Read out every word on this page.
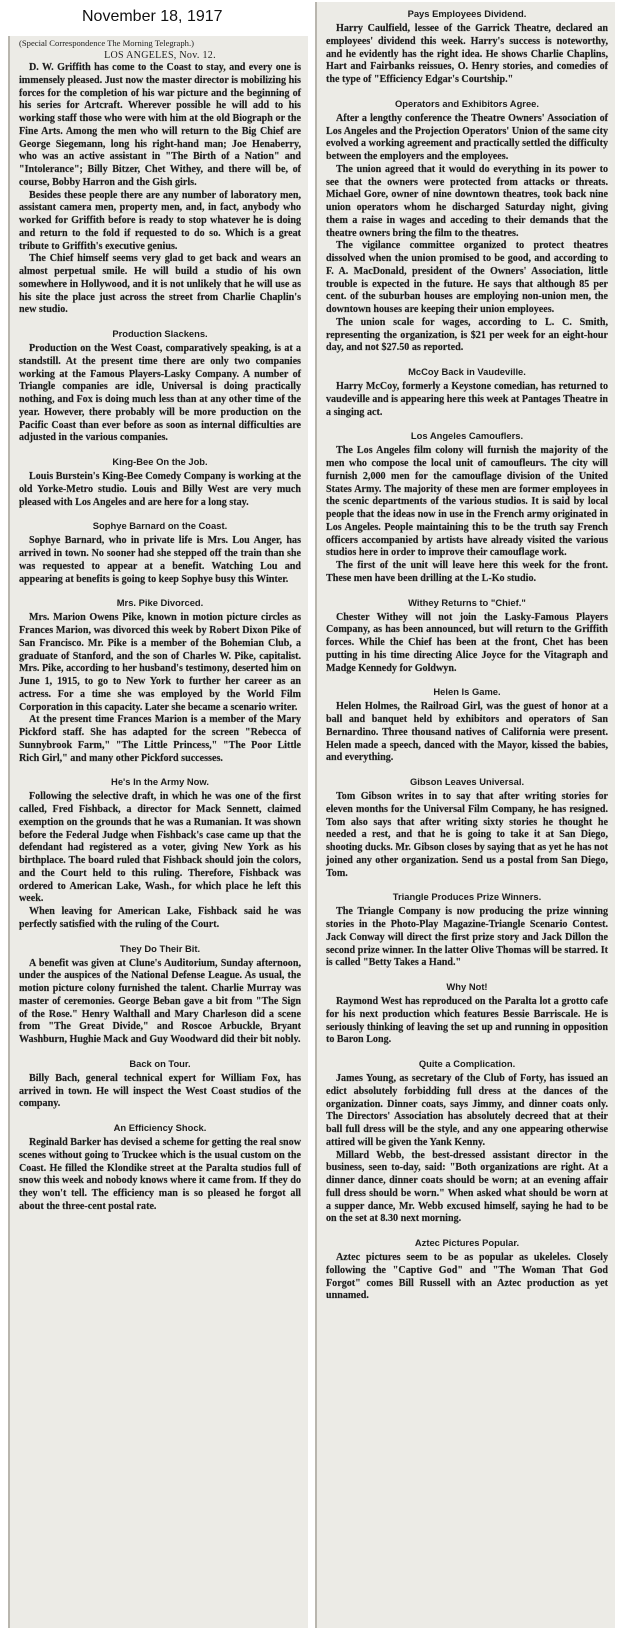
November 18, 1917

(Special Correspondence The Morning Telegraph.)

LOS ANGELES, Nov. 12.

D. W. Griffith has come to the Coast to stay, and every one is immensely pleased. Just now the master director is mobilizing his forces for the completion of his war picture and the beginning of his series for Artcraft. Wherever possible he will add to his working staff those who were with him at the old Biograph or the Fine Arts. Among the men who will return to the Big Chief are George Siegemann, long his right-hand man; Joe Henaberry, who was an active assistant in "The Birth of a Nation" and "Intolerance"; Billy Bitzer, Chet Withey, and there will be, of course, Bobby Harron and the Gish girls.

Besides these people there are any number of laboratory men, assistant camera men, property men, and, in fact, anybody who worked for Griffith before is ready to stop whatever he is doing and return to the fold if requested to do so. Which is a great tribute to Griffith's executive genius.

The Chief himself seems very glad to get back and wears an almost perpetual smile. He will build a studio of his own somewhere in Hollywood, and it is not unlikely that he will use as his site the place just across the street from Charlie Chaplin's new studio.

Production Slackens.

Production on the West Coast, comparatively speaking, is at a standstill. At the present time there are only two companies working at the Famous Players-Lasky Company. A number of Triangle companies are idle, Universal is doing practically nothing, and Fox is doing much less than at any other time of the year. However, there probably will be more production on the Pacific Coast than ever before as soon as internal difficulties are adjusted in the various companies.

King-Bee On the Job.

Louis Burstein's King-Bee Comedy Company is working at the old Yorke-Metro studio. Louis and Billy West are very much pleased with Los Angeles and are here for a long stay.

Sophye Barnard on the Coast.

Sophye Barnard, who in private life is Mrs. Lou Anger, has arrived in town. No sooner had she stepped off the train than she was requested to appear at a benefit. Watching Lou and appearing at benefits is going to keep Sophye busy this Winter.

Mrs. Pike Divorced.

Mrs. Marion Owens Pike, known in motion picture circles as Frances Marion, was divorced this week by Robert Dixon Pike of San Francisco. Mr. Pike is a member of the Bohemian Club, a graduate of Stanford, and the son of Charles W. Pike, capitalist. Mrs. Pike, according to her husband's testimony, deserted him on June 1, 1915, to go to New York to further her career as an actress. For a time she was employed by the World Film Corporation in this capacity. Later she became a scenario writer.

At the present time Frances Marion is a member of the Mary Pickford staff. She has adapted for the screen "Rebecca of Sunnybrook Farm," "The Little Princess," "The Poor Little Rich Girl," and many other Pickford successes.

He's In the Army Now.

Following the selective draft, in which he was one of the first called, Fred Fishback, a director for Mack Sennett, claimed exemption on the grounds that he was a Rumanian. It was shown before the Federal Judge when Fishback's case came up that the defendant had registered as a voter, giving New York as his birthplace. The board ruled that Fishback should join the colors, and the Court held to this ruling. Therefore, Fishback was ordered to American Lake, Wash., for which place he left this week.

When leaving for American Lake, Fishback said he was perfectly satisfied with the ruling of the Court.

They Do Their Bit.

A benefit was given at Clune's Auditorium, Sunday afternoon, under the auspices of the National Defense League. As usual, the motion picture colony furnished the talent. Charlie Murray was master of ceremonies. George Beban gave a bit from "The Sign of the Rose." Henry Walthall and Mary Charleson did a scene from "The Great Divide," and Roscoe Arbuckle, Bryant Washburn, Hughie Mack and Guy Woodward did their bit nobly.

Back on Tour.

Billy Bach, general technical expert for William Fox, has arrived in town. He will inspect the West Coast studios of the company.

An Efficiency Shock.

Reginald Barker has devised a scheme for getting the real snow scenes without going to Truckee which is the usual custom on the Coast. He filled the Klondike street at the Paralta studios full of snow this week and nobody knows where it came from. If they do they won't tell. The efficiency man is so pleased he forgot all about the three-cent postal rate.

Pays Employees Dividend.

Harry Caulfield, lessee of the Garrick Theatre, declared an employees' dividend this week. Harry's success is noteworthy, and he evidently has the right idea. He shows Charlie Chaplins, Hart and Fairbanks reissues, O. Henry stories, and comedies of the type of "Efficiency Edgar's Courtship."

Operators and Exhibitors Agree.

After a lengthy conference the Theatre Owners' Association of Los Angeles and the Projection Operators' Union of the same city evolved a working agreement and practically settled the difficulty between the employers and the employees.

The union agreed that it would do everything in its power to see that the owners were protected from attacks or threats. Michael Gore, owner of nine downtown theatres, took back nine union operators whom he discharged Saturday night, giving them a raise in wages and acceding to their demands that the theatre owners bring the film to the theatres.

The vigilance committee organized to protect theatres dissolved when the union promised to be good, and according to F. A. MacDonald, president of the Owners' Association, little trouble is expected in the future. He says that although 85 per cent. of the suburban houses are employing non-union men, the downtown houses are keeping their union employees.

The union scale for wages, according to L. C. Smith, representing the organization, is $21 per week for an eight-hour day, and not $27.50 as reported.

McCoy Back in Vaudeville.

Harry McCoy, formerly a Keystone comedian, has returned to vaudeville and is appearing here this week at Pantages Theatre in a singing act.

Los Angeles Camouflers.

The Los Angeles film colony will furnish the majority of the men who compose the local unit of camoufleurs. The city will furnish 2,000 men for the camouflage division of the United States Army. The majority of these men are former employees in the scenic departments of the various studios. It is said by local people that the ideas now in use in the French army originated in Los Angeles. People maintaining this to be the truth say French officers accompanied by artists have already visited the various studios here in order to improve their camouflage work.

The first of the unit will leave here this week for the front. These men have been drilling at the L-Ko studio.

Withey Returns to "Chief."

Chester Withey will not join the Lasky-Famous Players Company, as has been announced, but will return to the Griffith forces. While the Chief has been at the front, Chet has been putting in his time directing Alice Joyce for the Vitagraph and Madge Kennedy for Goldwyn.

Helen Is Game.

Helen Holmes, the Railroad Girl, was the guest of honor at a ball and banquet held by exhibitors and operators of San Bernardino. Three thousand natives of California were present. Helen made a speech, danced with the Mayor, kissed the babies, and everything.

Gibson Leaves Universal.

Tom Gibson writes in to say that after writing stories for eleven months for the Universal Film Company, he has resigned. Tom also says that after writing sixty stories he thought he needed a rest, and that he is going to take it at San Diego, shooting ducks. Mr. Gibson closes by saying that as yet he has not joined any other organization. Send us a postal from San Diego, Tom.

Triangle Produces Prize Winners.

The Triangle Company is now producing the prize winning stories in the Photo-Play Magazine-Triangle Scenario Contest. Jack Conway will direct the first prize story and Jack Dillon the second prize winner. In the latter Olive Thomas will be starred. It is called "Betty Takes a Hand."

Why Not!

Raymond West has reproduced on the Paralta lot a grotto cafe for his next production which features Bessie Barriscale. He is seriously thinking of leaving the set up and running in opposition to Baron Long.

Quite a Complication.

James Young, as secretary of the Club of Forty, has issued an edict absolutely forbidding full dress at the dances of the organization. Dinner coats, says Jimmy, and dinner coats only. The Directors' Association has absolutely decreed that at their ball full dress will be the style, and any one appearing otherwise attired will be given the Yank Kenny.

Millard Webb, the best-dressed assistant director in the business, seen to-day, said: "Both organizations are right. At a dinner dance, dinner coats should be worn; at an evening affair full dress should be worn." When asked what should be worn at a supper dance, Mr. Webb excused himself, saying he had to be on the set at 8.30 next morning.

Aztec Pictures Popular.

Aztec pictures seem to be as popular as ukeleles. Closely following the "Captive God" and "The Woman That God Forgot" comes Bill Russell with an Aztec production as yet unnamed.
